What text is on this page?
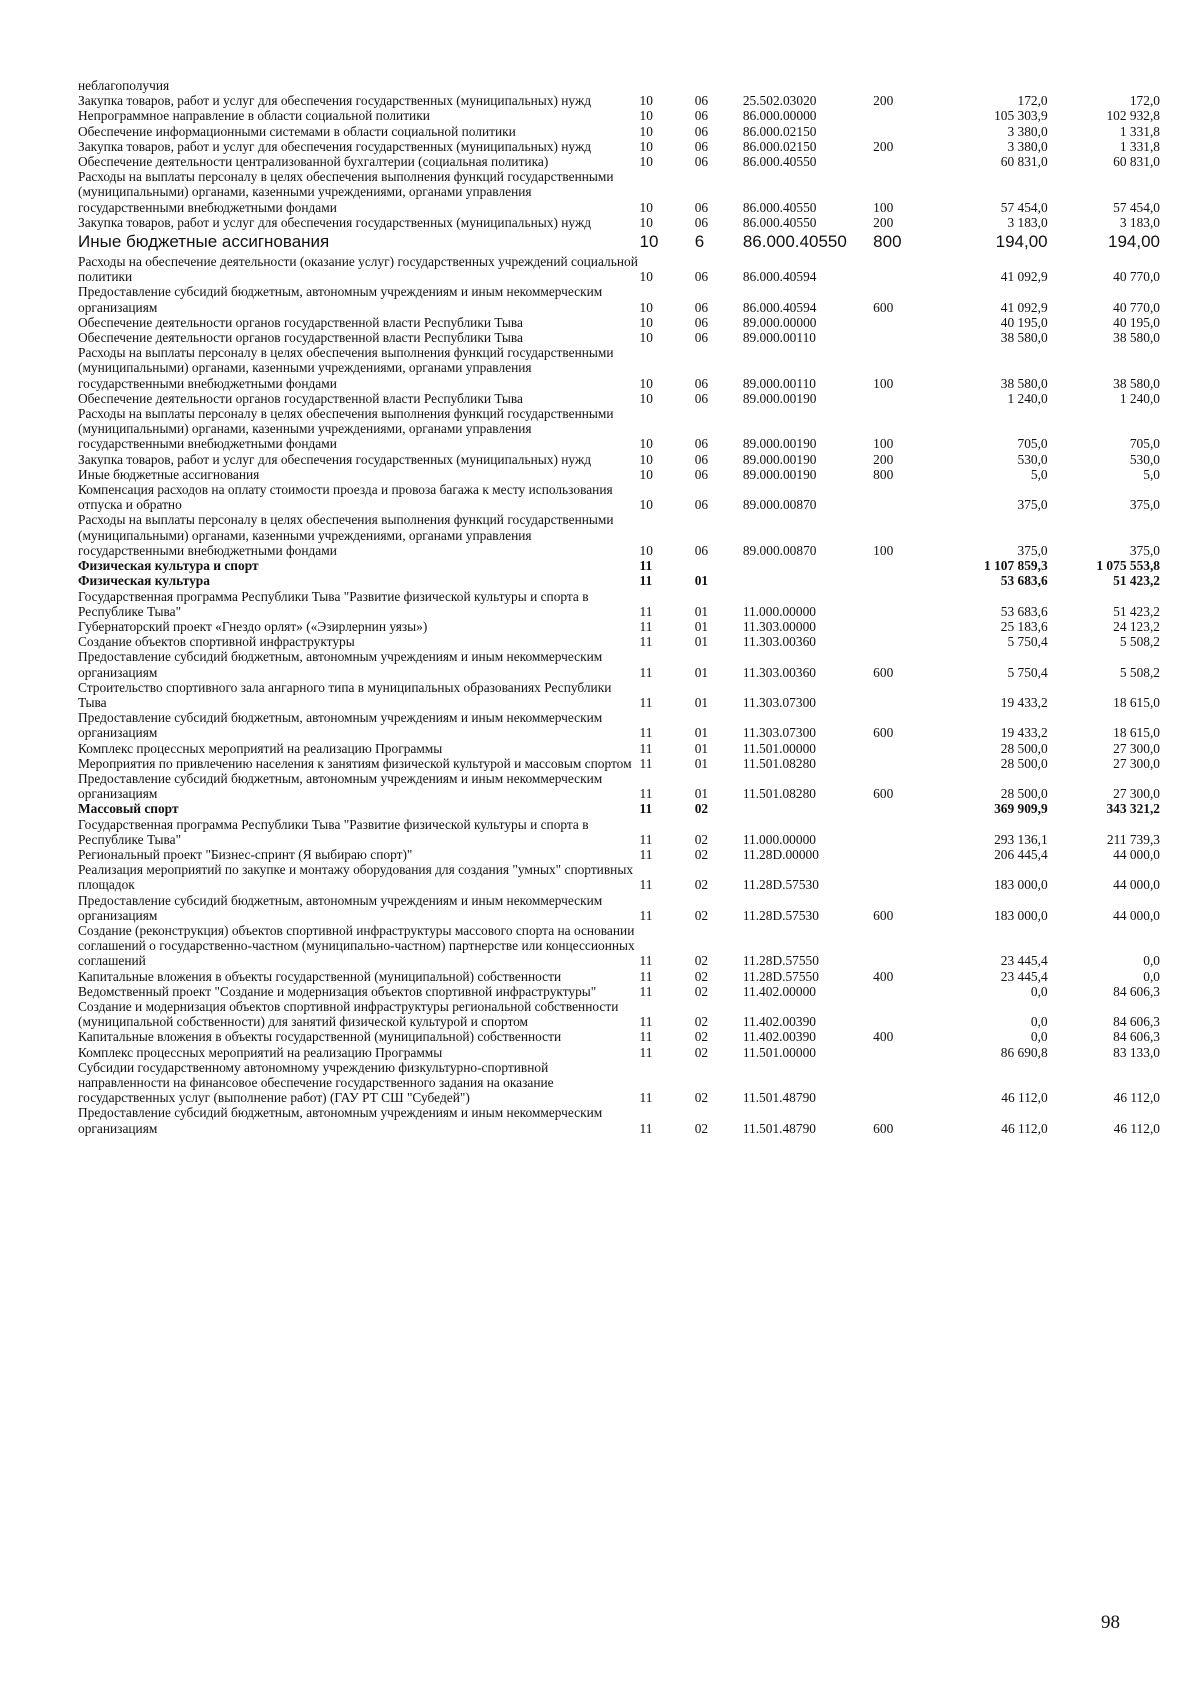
неблагополучия						
Закупка товаров, работ и услуг для обеспечения государственных (муниципальных) нужд	10	06	25.502.03020	200	172,0	172,0
Непрограммное направление в области социальной политики	10	06	86.000.00000		105 303,9	102 932,8
Обеспечение информационными системами в области социальной политики	10	06	86.000.02150		3 380,0	1 331,8
Закупка товаров, работ и услуг для обеспечения государственных (муниципальных) нужд	10	06	86.000.02150	200	3 380,0	1 331,8
Обеспечение деятельности централизованной бухгалтерии (социальная политика)	10	06	86.000.40550		60 831,0	60 831,0
Расходы на выплаты персоналу в целях обеспечения выполнения функций государственными (муниципальными) органами, казенными учреждениями, органами управления государственными внебюджетными фондами	10	06	86.000.40550	100	57 454,0	57 454,0
Закупка товаров, работ и услуг для обеспечения государственных (муниципальных) нужд	10	06	86.000.40550	200	3 183,0	3 183,0
Иные бюджетные ассигнования	10	6	86.000.40550	800	194,00	194,00
Расходы на обеспечение деятельности (оказание услуг) государственных учреждений социальной политики	10	06	86.000.40594		41 092,9	40 770,0
Предоставление субсидий бюджетным, автономным учреждениям и иным некоммерческим организациям	10	06	86.000.40594	600	41 092,9	40 770,0
Обеспечение деятельности органов государственной власти Республики Тыва	10	06	89.000.00000		40 195,0	40 195,0
Обеспечение деятельности органов государственной власти Республики Тыва	10	06	89.000.00110		38 580,0	38 580,0
Расходы на выплаты персоналу в целях обеспечения выполнения функций государственными (муниципальными) органами, казенными учреждениями, органами управления государственными внебюджетными фондами	10	06	89.000.00110	100	38 580,0	38 580,0
Обеспечение деятельности органов государственной власти Республики Тыва	10	06	89.000.00190		1 240,0	1 240,0
Расходы на выплаты персоналу в целях обеспечения выполнения функций государственными (муниципальными) органами, казенными учреждениями, органами управления государственными внебюджетными фондами	10	06	89.000.00190	100	705,0	705,0
Закупка товаров, работ и услуг для обеспечения государственных (муниципальных) нужд	10	06	89.000.00190	200	530,0	530,0
Иные бюджетные ассигнования	10	06	89.000.00190	800	5,0	5,0
Компенсация расходов на оплату стоимости проезда и провоза багажа к месту использования отпуска и обратно	10	06	89.000.00870		375,0	375,0
Расходы на выплаты персоналу в целях обеспечения выполнения функций государственными (муниципальными) органами, казенными учреждениями, органами управления государственными внебюджетными фондами	10	06	89.000.00870	100	375,0	375,0
Физическая культура и спорт	11				1 107 859,3	1 075 553,8
Физическая культура	11	01			53 683,6	51 423,2
Государственная программа Республики Тыва "Развитие физической культуры и спорта в Республике Тыва"	11	01	11.000.00000		53 683,6	51 423,2
Губернаторский проект «Гнездо орлят» («Эзирлернин уязы»)	11	01	11.303.00000		25 183,6	24 123,2
Создание объектов спортивной инфраструктуры	11	01	11.303.00360		5 750,4	5 508,2
Предоставление субсидий бюджетным, автономным учреждениям и иным некоммерческим организациям	11	01	11.303.00360	600	5 750,4	5 508,2
Строительство спортивного зала ангарного типа в муниципальных образованиях Республики Тыва	11	01	11.303.07300		19 433,2	18 615,0
Предоставление субсидий бюджетным, автономным учреждениям и иным некоммерческим организациям	11	01	11.303.07300	600	19 433,2	18 615,0
Комплекс процессных мероприятий на реализацию Программы	11	01	11.501.00000		28 500,0	27 300,0
Мероприятия по привлечению населения к занятиям физической культурой и массовым спортом	11	01	11.501.08280		28 500,0	27 300,0
Предоставление субсидий бюджетным, автономным учреждениям и иным некоммерческим организациям	11	01	11.501.08280	600	28 500,0	27 300,0
Массовый спорт	11	02			369 909,9	343 321,2
Государственная программа Республики Тыва "Развитие физической культуры и спорта в Республике Тыва"	11	02	11.000.00000		293 136,1	211 739,3
Региональный проект "Бизнес-спринт (Я выбираю спорт)"	11	02	11.28D.00000		206 445,4	44 000,0
Реализация мероприятий по закупке и монтажу оборудования для создания "умных" спортивных площадок	11	02	11.28D.57530		183 000,0	44 000,0
Предоставление субсидий бюджетным, автономным учреждениям и иным некоммерческим организациям	11	02	11.28D.57530	600	183 000,0	44 000,0
Создание (реконструкция) объектов спортивной инфраструктуры массового спорта на основании соглашений о государственно-частном (муниципально-частном) партнерстве или концессионных соглашений	11	02	11.28D.57550		23 445,4	0,0
Капитальные вложения в объекты государственной (муниципальной) собственности	11	02	11.28D.57550	400	23 445,4	0,0
Ведомственный проект "Создание и модернизация объектов спортивной инфраструктуры"	11	02	11.402.00000		0,0	84 606,3
Создание и модернизация объектов спортивной инфраструктуры региональной собственности (муниципальной собственности) для занятий физической культурой и спортом	11	02	11.402.00390		0,0	84 606,3
Капитальные вложения в объекты государственной (муниципальной) собственности	11	02	11.402.00390	400	0,0	84 606,3
Комплекс процессных мероприятий на реализацию Программы	11	02	11.501.00000		86 690,8	83 133,0
Субсидии государственному автономному учреждению физкультурно-спортивной направленности на финансовое обеспечение государственного задания на оказание государственных услуг (выполнение работ) (ГАУ РТ СШ "Субедей")	11	02	11.501.48790		46 112,0	46 112,0
Предоставление субсидий бюджетным, автономным учреждениям и иным некоммерческим организациям	11	02	11.501.48790	600	46 112,0	46 112,0
98
